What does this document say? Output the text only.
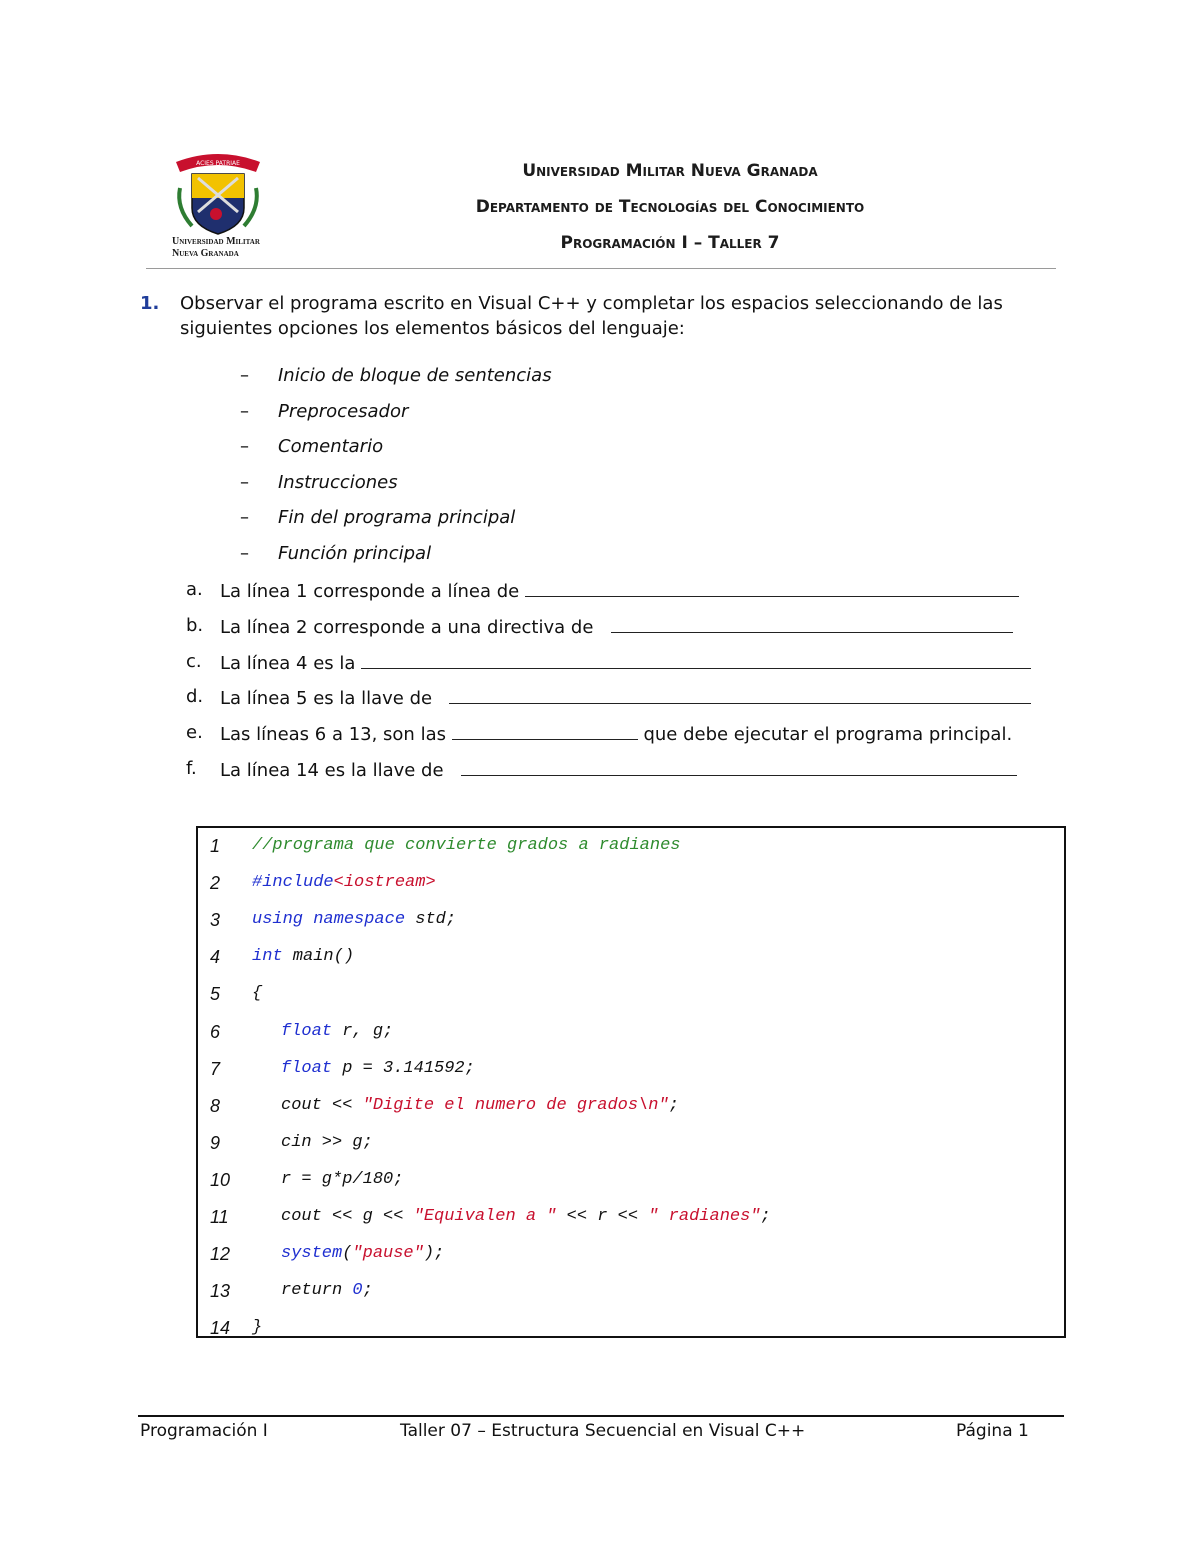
ACIES PATRIAE
Universidad Militar
Nueva Granada
Universidad Militar Nueva Granada
Departamento de Tecnologías del Conocimiento
Programación I – Taller 7
1. Observar el programa escrito en Visual C++ y completar los espacios seleccionando de las siguientes opciones los elementos básicos del lenguaje:
– Inicio de bloque de sentencias
– Preprocesador
– Comentario
– Instrucciones
– Fin del programa principal
– Función principal
a. La línea 1 corresponde a línea de
b. La línea 2 corresponde a una directiva de
c.	La línea 4 es la
d. La línea 5 es la llave de
e. Las líneas 6 a 13, son las	que debe ejecutar el programa principal.
f.	La línea 14 es la llave de
1	//programa que convierte grados a radianes
2	#include<iostream>
3	using namespace std;
4	int main()
5	{
6	float r, g;
7	float p = 3.141592;
8	cout << "Digite el numero de grados\n";
9	cin >> g;
10	r = g*p/180;
11	cout << g << "Equivalen a " << r << " radianes";
12	system("pause");
13	return 0;
14	}
Programación I	Taller 07 – Estructura Secuencial en Visual C++	Página 1
